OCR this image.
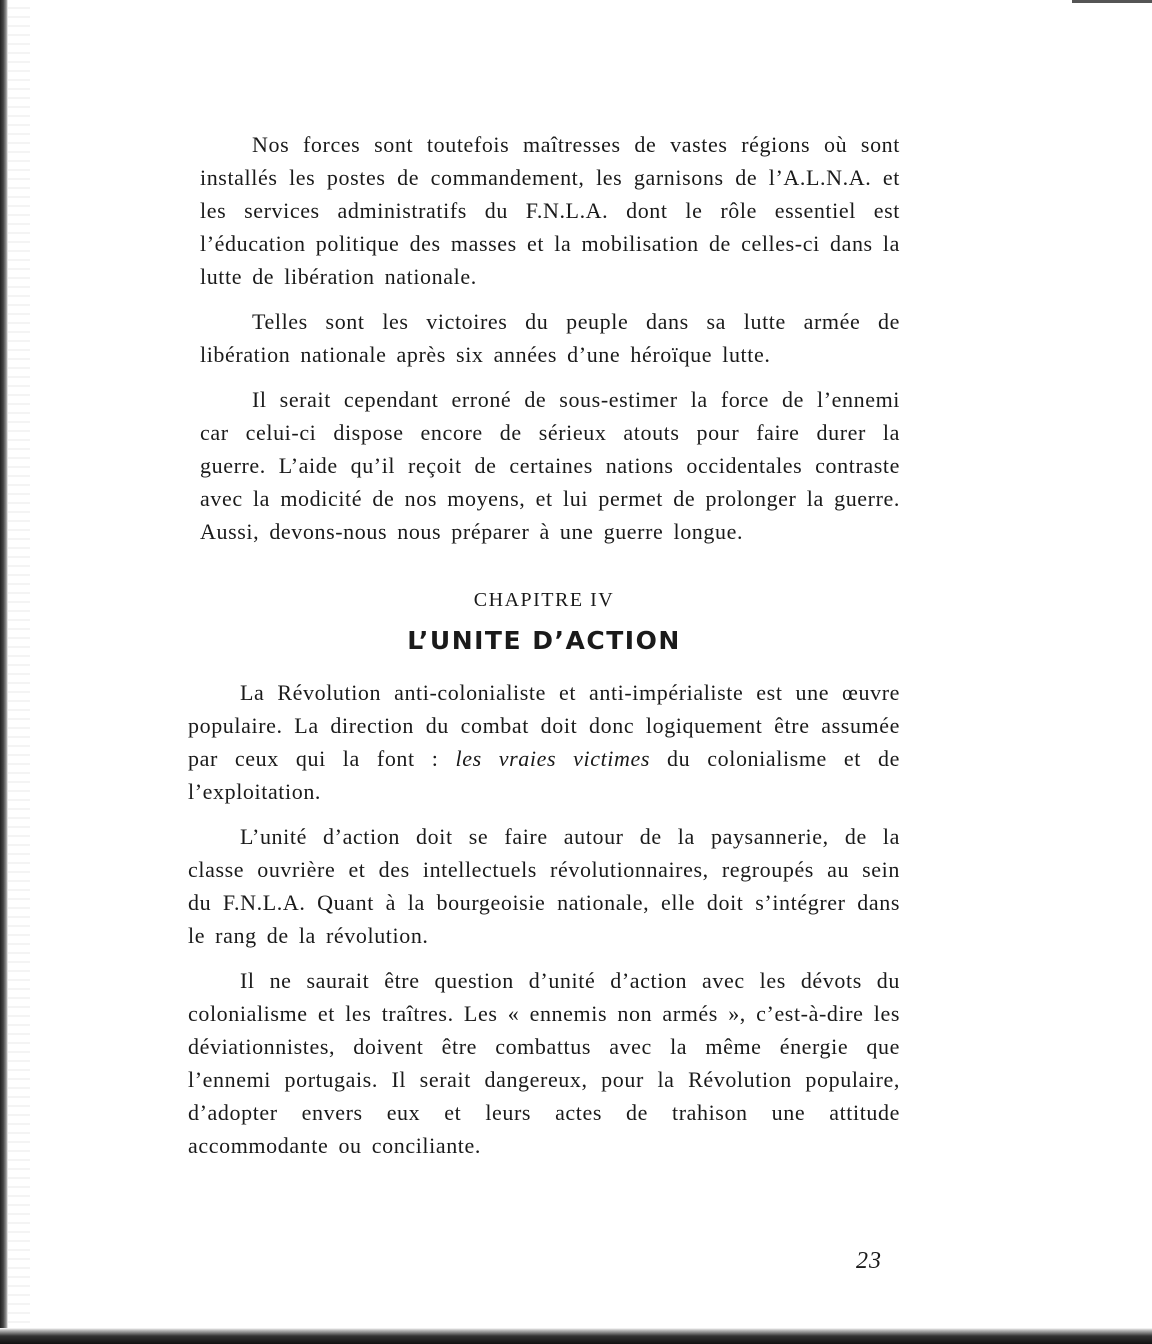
Nos forces sont toutefois maîtresses de vastes régions où sont installés les postes de commandement, les garnisons de l’A.L.N.A. et les services administratifs du F.N.L.A. dont le rôle essentiel est l’éducation politique des masses et la mobilisation de celles-ci dans la lutte de libération nationale.

Telles sont les victoires du peuple dans sa lutte armée de libération nationale après six années d’une héroïque lutte.

Il serait cependant erroné de sous-estimer la force de l’ennemi car celui-ci dispose encore de sérieux atouts pour faire durer la guerre. L’aide qu’il reçoit de certaines nations occidentales contraste avec la modicité de nos moyens, et lui permet de prolonger la guerre. Aussi, devons-nous nous préparer à une guerre longue.

CHAPITRE IV
L’UNITE D’ACTION

La Révolution anti-colonialiste et anti-impérialiste est une œuvre populaire. La direction du combat doit donc logiquement être assumée par ceux qui la font : les vraies victimes du colonialisme et de l’exploitation.

L’unité d’action doit se faire autour de la paysannerie, de la classe ouvrière et des intellectuels révolutionnaires, regroupés au sein du F.N.L.A. Quant à la bourgeoisie nationale, elle doit s’intégrer dans le rang de la révolution.

Il ne saurait être question d’unité d’action avec les dévots du colonialisme et les traîtres. Les « ennemis non armés », c’est-à-dire les déviationnistes, doivent être combattus avec la même énergie que l’ennemi portugais. Il serait dangereux, pour la Révolution populaire, d’adopter envers eux et leurs actes de trahison une attitude accommodante ou conciliante.

23
